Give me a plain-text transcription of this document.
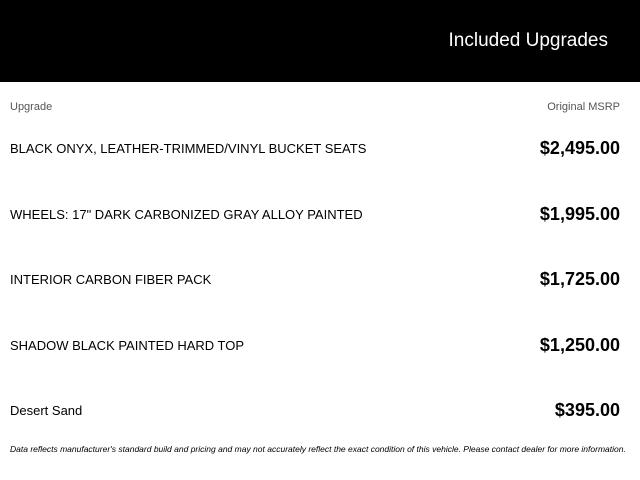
Included Upgrades
Upgrade	Original MSRP
BLACK ONYX, LEATHER-TRIMMED/VINYL BUCKET SEATS	$2,495.00
WHEELS: 17" DARK CARBONIZED GRAY ALLOY PAINTED	$1,995.00
INTERIOR CARBON FIBER PACK	$1,725.00
SHADOW BLACK PAINTED HARD TOP	$1,250.00
Desert Sand	$395.00
Data reflects manufacturer's standard build and pricing and may not accurately reflect the exact condition of this vehicle. Please contact dealer for more information.
